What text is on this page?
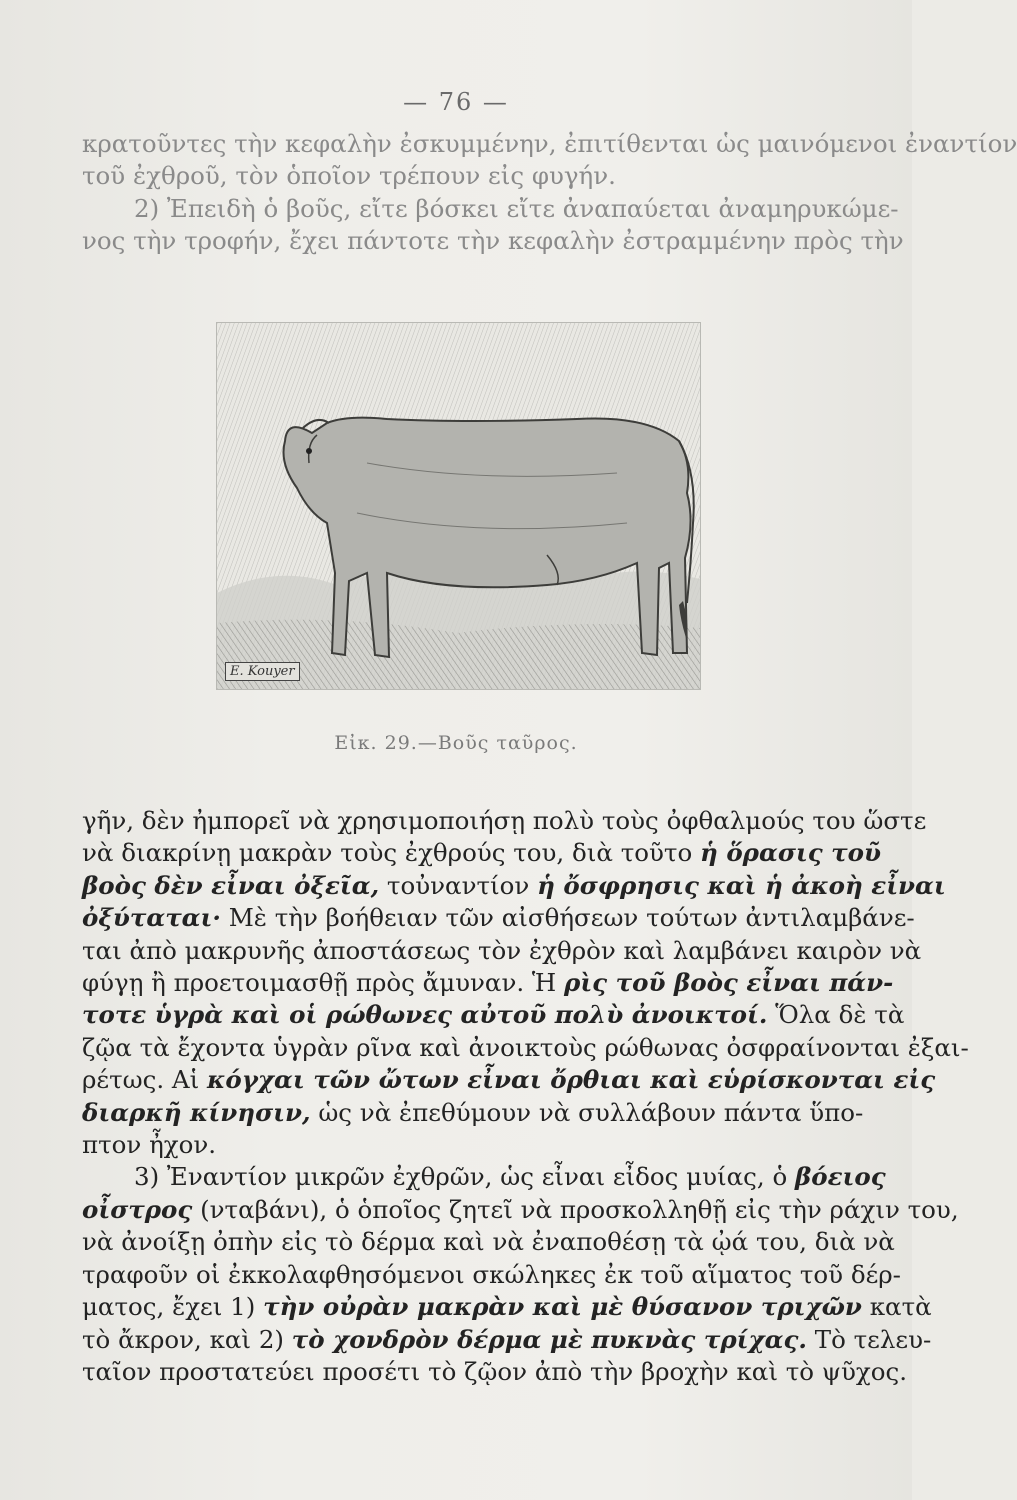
— 76 —
κρατοῦντες τὴν κεφαλὴν ἐσκυμμένην, ἐπιτίθενται ὡς μαινόμενοι ἐναντίον
τοῦ ἐχθροῦ, τὸν ὁποῖον τρέπουν εἰς φυγήν.
2) Ἐπειδὴ ὁ βοῦς, εἴτε βόσκει εἴτε ἀναπαύεται ἀναμηρυκώμε-
νος τὴν τροφήν, ἔχει πάντοτε τὴν κεφαλὴν ἐστραμμένην πρὸς τὴν
E. Kouyer
Εἰκ. 29.—Βοῦς ταῦρος.
γῆν, δὲν ἠμπορεῖ νὰ χρησιμοποιήσῃ πολὺ τοὺς ὀφθαλμούς του ὥστε
νὰ διακρίνῃ μακρὰν τοὺς ἐχθρούς του, διὰ τοῦτο ἡ ὅρασις τοῦ
βοὸς δὲν εἶναι ὀξεῖα, τοὐναντίον ἡ ὄσφρησις καὶ ἡ ἀκοὴ εἶναι
ὀξύταται· Μὲ τὴν βοήθειαν τῶν αἰσθήσεων τούτων ἀντιλαμβάνε-
ται ἀπὸ μακρυνῆς ἀποστάσεως τὸν ἐχθρὸν καὶ λαμβάνει καιρὸν νὰ
φύγῃ ἢ προετοιμασθῇ πρὸς ἄμυναν. Ἡ ρὶς τοῦ βοὸς εἶναι πάν-
τοτε ὑγρὰ καὶ οἱ ρώθωνες αὐτοῦ πολὺ ἀνοικτοί. Ὅλα δὲ τὰ
ζῷα τὰ ἔχοντα ὑγρὰν ρῖνα καὶ ἀνοικτοὺς ρώθωνας ὀσφραίνονται ἐξαι-
ρέτως. Αἱ κόγχαι τῶν ὤτων εἶναι ὄρθιαι καὶ εὑρίσκονται εἰς
διαρκῆ κίνησιν, ὡς νὰ ἐπεθύμουν νὰ συλλάβουν πάντα ὕπο-
πτον ἦχον.
3) Ἐναντίον μικρῶν ἐχθρῶν, ὡς εἶναι εἶδος μυίας, ὁ βόειος
οἶστρος (νταβάνι), ὁ ὁποῖος ζητεῖ νὰ προσκολληθῇ εἰς τὴν ράχιν του,
νὰ ἀνοίξῃ ὀπὴν εἰς τὸ δέρμα καὶ νὰ ἐναποθέσῃ τὰ ᾠά του, διὰ νὰ
τραφοῦν οἱ ἐκκολαφθησόμενοι σκώληκες ἐκ τοῦ αἵματος τοῦ δέρ-
ματος, ἔχει 1) τὴν οὐρὰν μακρὰν καὶ μὲ θύσανον τριχῶν κατὰ
τὸ ἄκρον, καὶ 2) τὸ χονδρὸν δέρμα μὲ πυκνὰς τρίχας. Τὸ τελευ-
ταῖον προστατεύει προσέτι τὸ ζῷον ἀπὸ τὴν βροχὴν καὶ τὸ ψῦχος.
